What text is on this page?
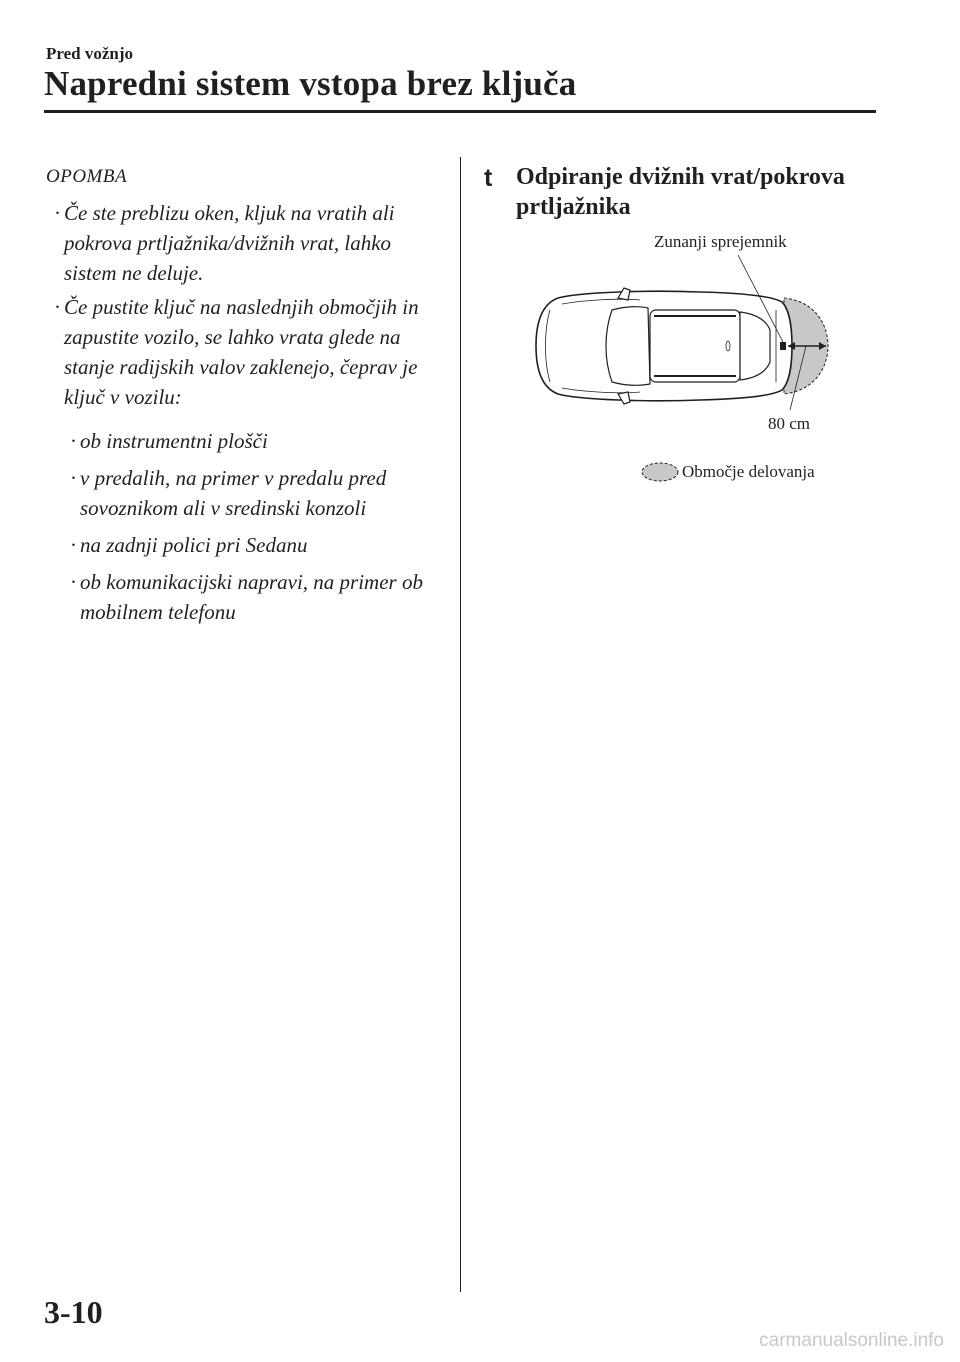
Pred vožnjo
Napredni sistem vstopa brez ključa
OPOMBA
· Če ste preblizu oken, kljuk na vratih ali pokrova prtljažnika/dvižnih vrat, lahko sistem ne deluje.
· Če pustite ključ na naslednjih območjih in zapustite vozilo, se lahko vrata glede na stanje radijskih valov zaklenejo, čeprav je ključ v vozilu:
· ob instrumentni plošči
· v predalih, na primer v predalu pred sovoznikom ali v sredinski konzoli
· na zadnji polici pri Sedanu
· ob komunikacijski napravi, na primer ob mobilnem telefonu
t Odpiranje dvižnih vrat/pokrova prtljažnika
Zunanji sprejemnik
80 cm
Območje delovanja
3-10
carmanualsonline.info
